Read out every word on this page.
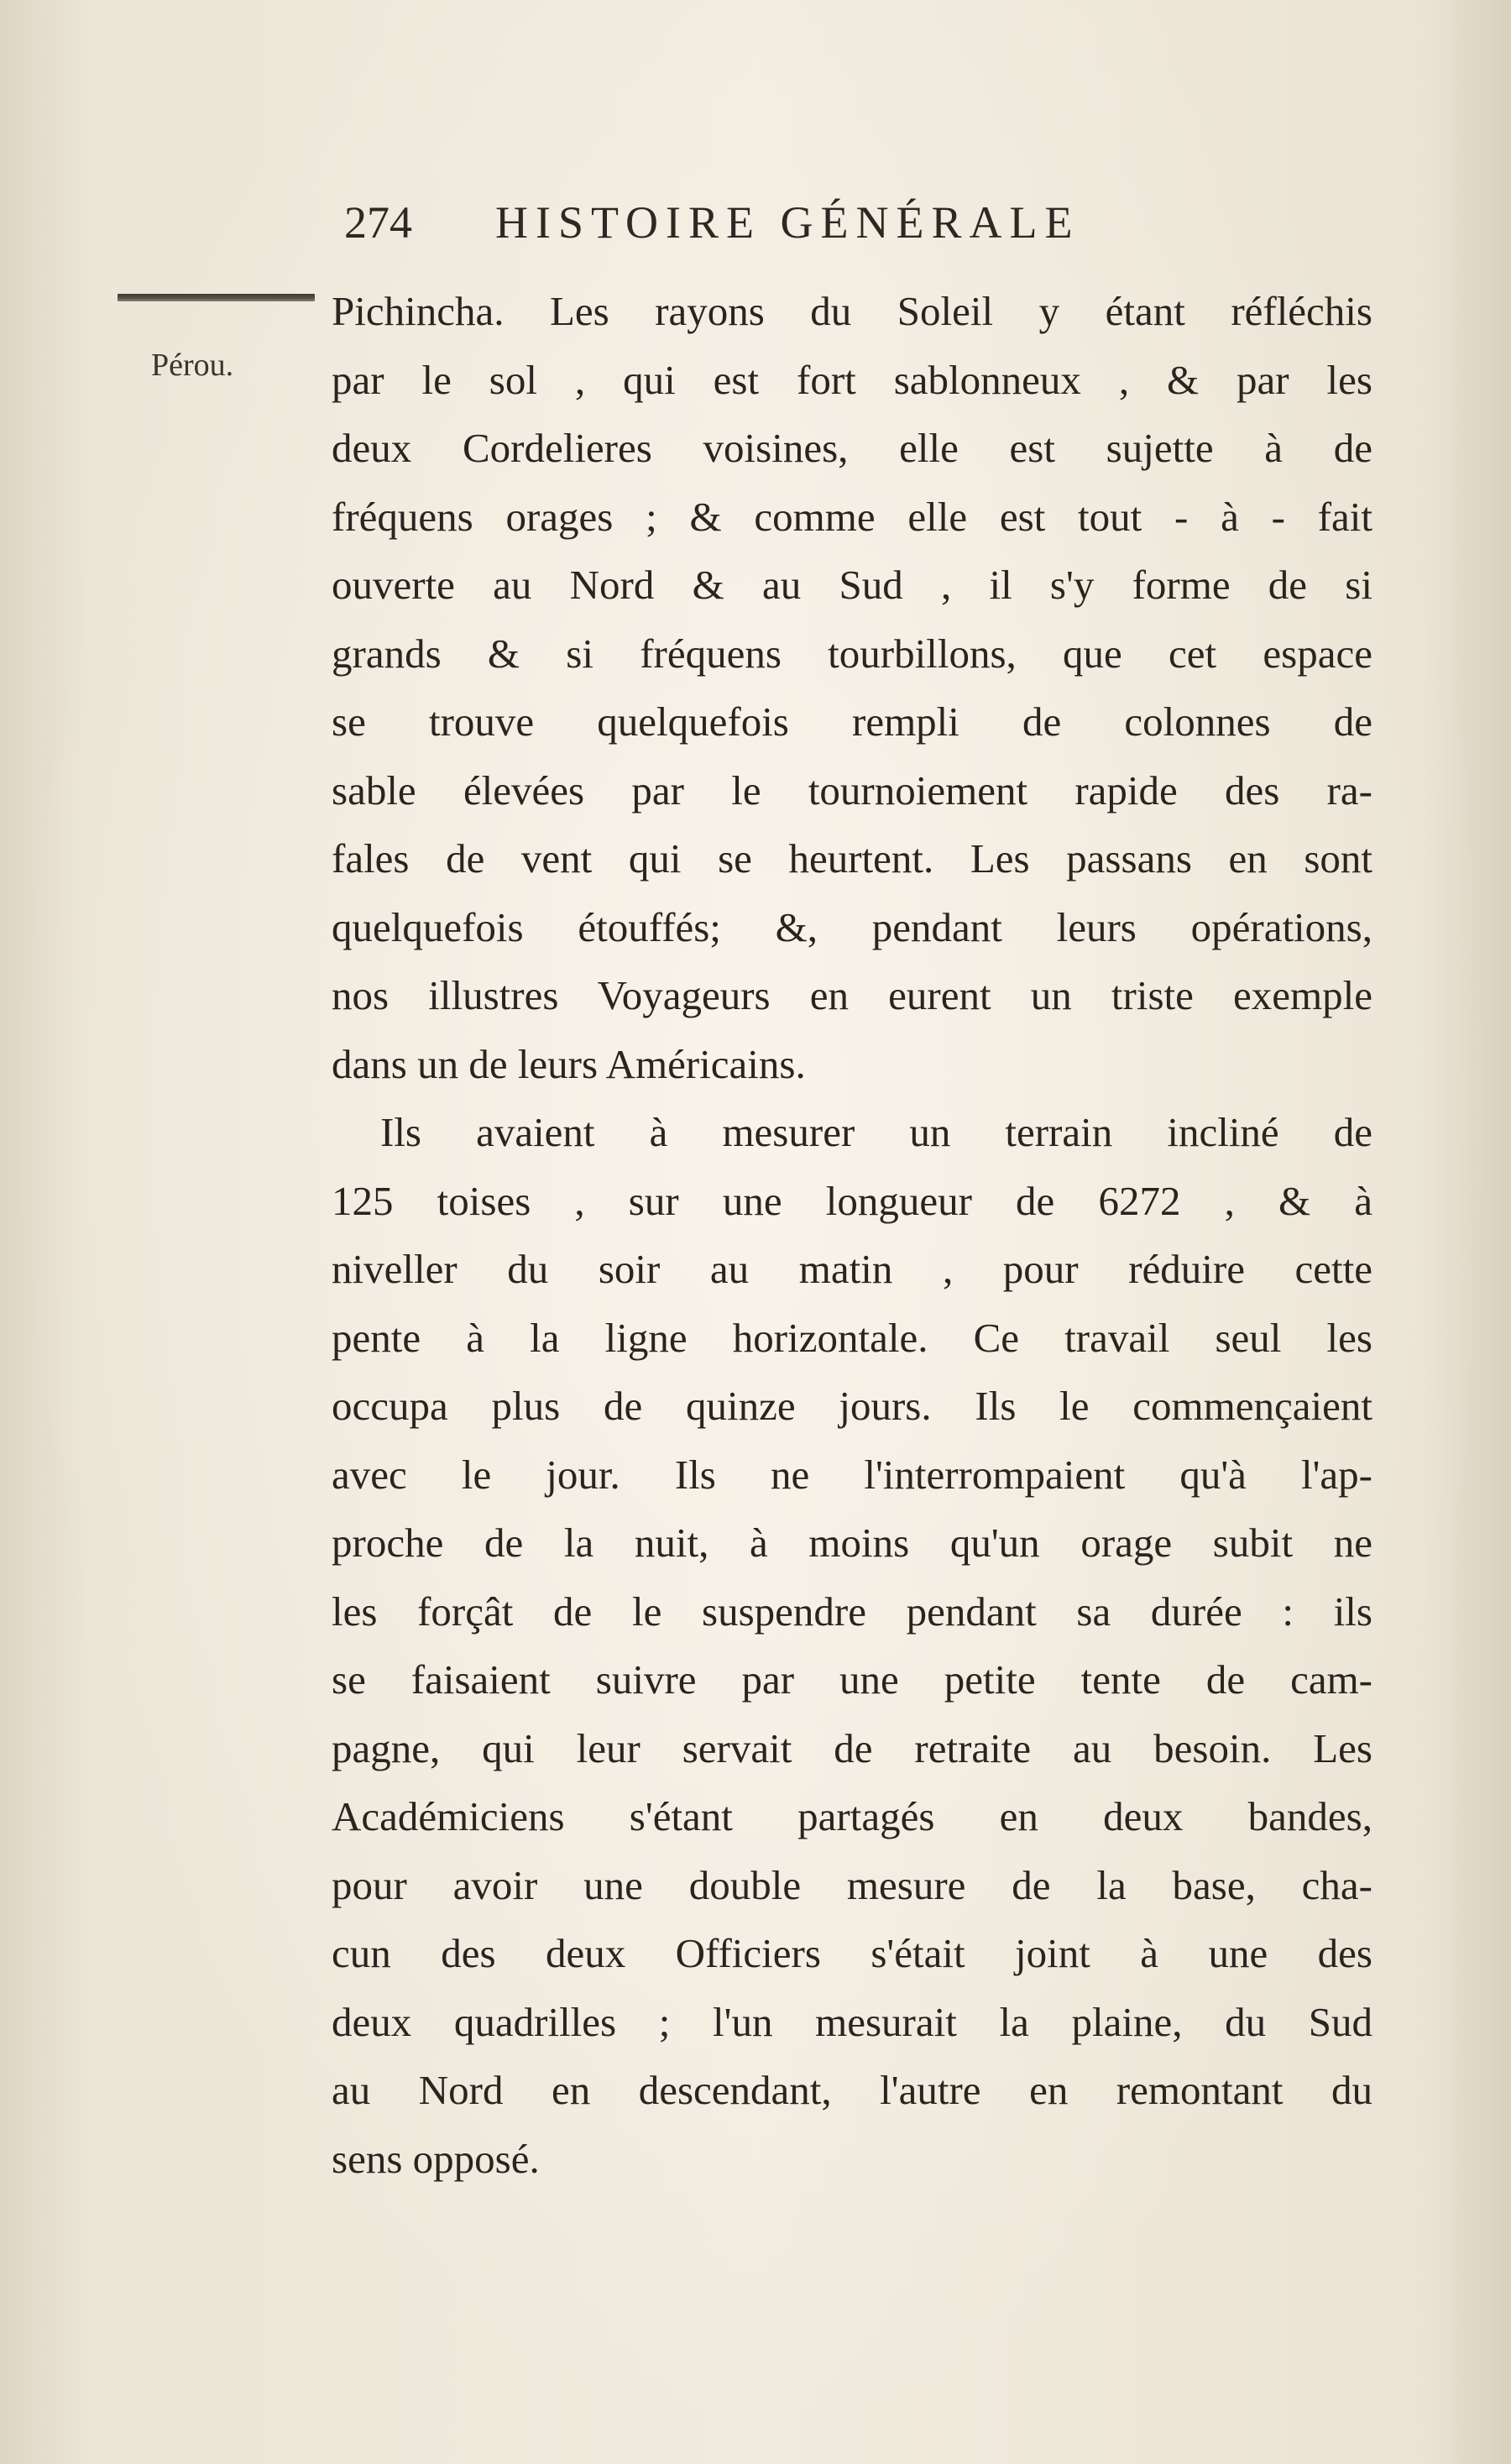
274 HISTOIRE GÉNÉRALE
Pérou.
Pichincha. Les rayons du Soleil y étant réfléchis
par le sol , qui est fort sablonneux , & par les
deux Cordelieres voisines, elle est sujette à de
fréquens orages ; & comme elle est tout - à - fait
ouverte au Nord & au Sud , il s'y forme de si
grands & si fréquens tourbillons, que cet espace
se trouve quelquefois rempli de colonnes de
sable élevées par le tournoiement rapide des ra-
fales de vent qui se heurtent. Les passans en sont
quelquefois étouffés; &, pendant leurs opérations,
nos illustres Voyageurs en eurent un triste exemple
dans un de leurs Américains.
Ils avaient à mesurer un terrain incliné de
125 toises , sur une longueur de 6272 , & à
niveller du soir au matin , pour réduire cette
pente à la ligne horizontale. Ce travail seul les
occupa plus de quinze jours. Ils le commençaient
avec le jour. Ils ne l'interrompaient qu'à l'ap-
proche de la nuit, à moins qu'un orage subit ne
les forçât de le suspendre pendant sa durée : ils
se faisaient suivre par une petite tente de cam-
pagne, qui leur servait de retraite au besoin. Les
Académiciens s'étant partagés en deux bandes,
pour avoir une double mesure de la base, cha-
cun des deux Officiers s'était joint à une des
deux quadrilles ; l'un mesurait la plaine, du Sud
au Nord en descendant, l'autre en remontant du
sens opposé.
